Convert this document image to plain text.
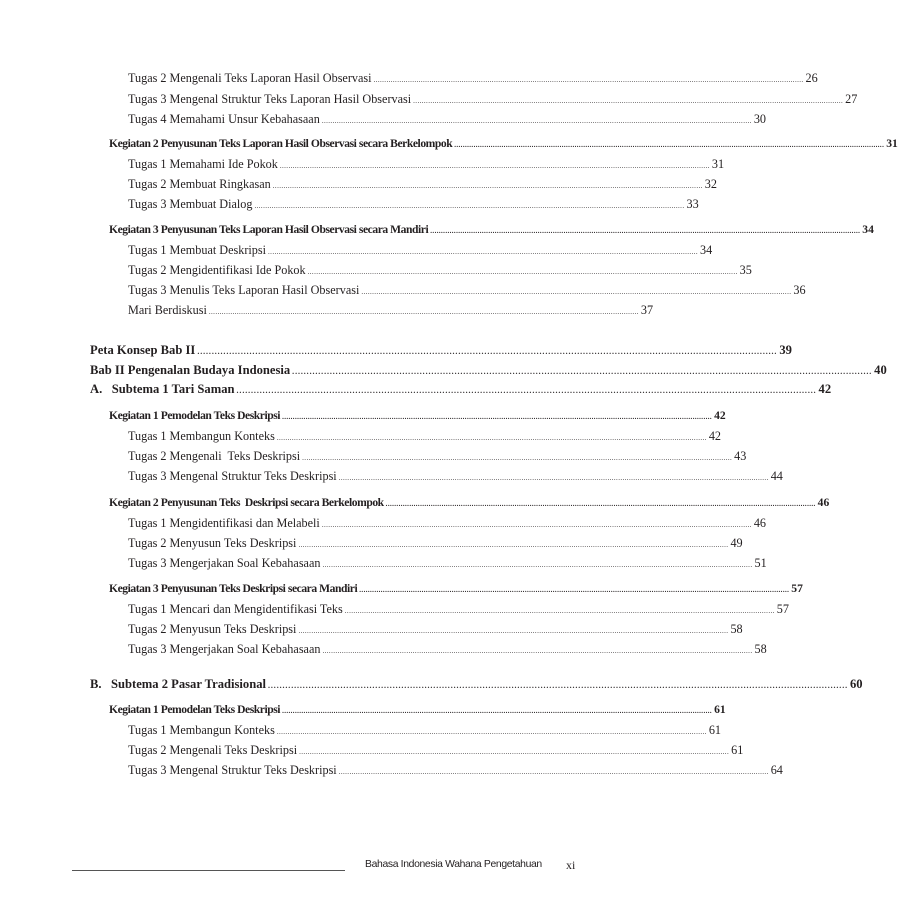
Tugas 2 Mengenali Teks Laporan Hasil Observasi ........................................................................................................................................................................................................ 26
Tugas 3 Mengenal Struktur Teks Laporan Hasil Observasi ........................................................................................................................................................................................................ 27
Tugas 4 Memahami Unsur Kebahasaan ........................................................................................................................................................................................................ 30
Kegiatan 2 Penyusunan Teks Laporan Hasil Observasi secara Berkelompok ........................................................................................................................................................................................................ 31
Tugas 1 Memahami Ide Pokok ........................................................................................................................................................................................................ 31
Tugas 2 Membuat Ringkasan ........................................................................................................................................................................................................ 32
Tugas 3 Membuat Dialog ........................................................................................................................................................................................................ 33
Kegiatan 3 Penyusunan Teks Laporan Hasil Observasi secara Mandiri ........................................................................................................................................................................................................ 34
Tugas 1 Membuat Deskripsi ........................................................................................................................................................................................................ 34
Tugas 2 Mengidentifikasi Ide Pokok ........................................................................................................................................................................................................ 35
Tugas 3 Menulis Teks Laporan Hasil Observasi ........................................................................................................................................................................................................ 36
Mari Berdiskusi ........................................................................................................................................................................................................ 37
Peta Konsep Bab II ........................................................................................................................................................................................................ 39
Bab II Pengenalan Budaya Indonesia ........................................................................................................................................................................................................ 40
A.   Subtema 1 Tari Saman ........................................................................................................................................................................................................ 42
Kegiatan 1 Pemodelan Teks Deskripsi ........................................................................................................................................................................................................ 42
Tugas 1 Membangun Konteks ........................................................................................................................................................................................................ 42
Tugas 2 Mengenali  Teks Deskripsi ........................................................................................................................................................................................................ 43
Tugas 3 Mengenal Struktur Teks Deskripsi ........................................................................................................................................................................................................ 44
Kegiatan 2 Penyusunan Teks  Deskripsi secara Berkelompok ........................................................................................................................................................................................................ 46
Tugas 1 Mengidentifikasi dan Melabeli ........................................................................................................................................................................................................ 46
Tugas 2 Menyusun Teks Deskripsi ........................................................................................................................................................................................................ 49
Tugas 3 Mengerjakan Soal Kebahasaan ........................................................................................................................................................................................................ 51
Kegiatan 3 Penyusunan Teks Deskripsi secara Mandiri ........................................................................................................................................................................................................ 57
Tugas 1 Mencari dan Mengidentifikasi Teks ........................................................................................................................................................................................................ 57
Tugas 2 Menyusun Teks Deskripsi ........................................................................................................................................................................................................ 58
Tugas 3 Mengerjakan Soal Kebahasaan ........................................................................................................................................................................................................ 58
B.   Subtema 2 Pasar Tradisional ........................................................................................................................................................................................................ 60
Kegiatan 1 Pemodelan Teks Deskripsi ........................................................................................................................................................................................................ 61
Tugas 1 Membangun Konteks ........................................................................................................................................................................................................ 61
Tugas 2 Mengenali Teks Deskripsi ........................................................................................................................................................................................................ 61
Tugas 3 Mengenal Struktur Teks Deskripsi ........................................................................................................................................................................................................ 64
Bahasa Indonesia Wahana Pengetahuan xi
